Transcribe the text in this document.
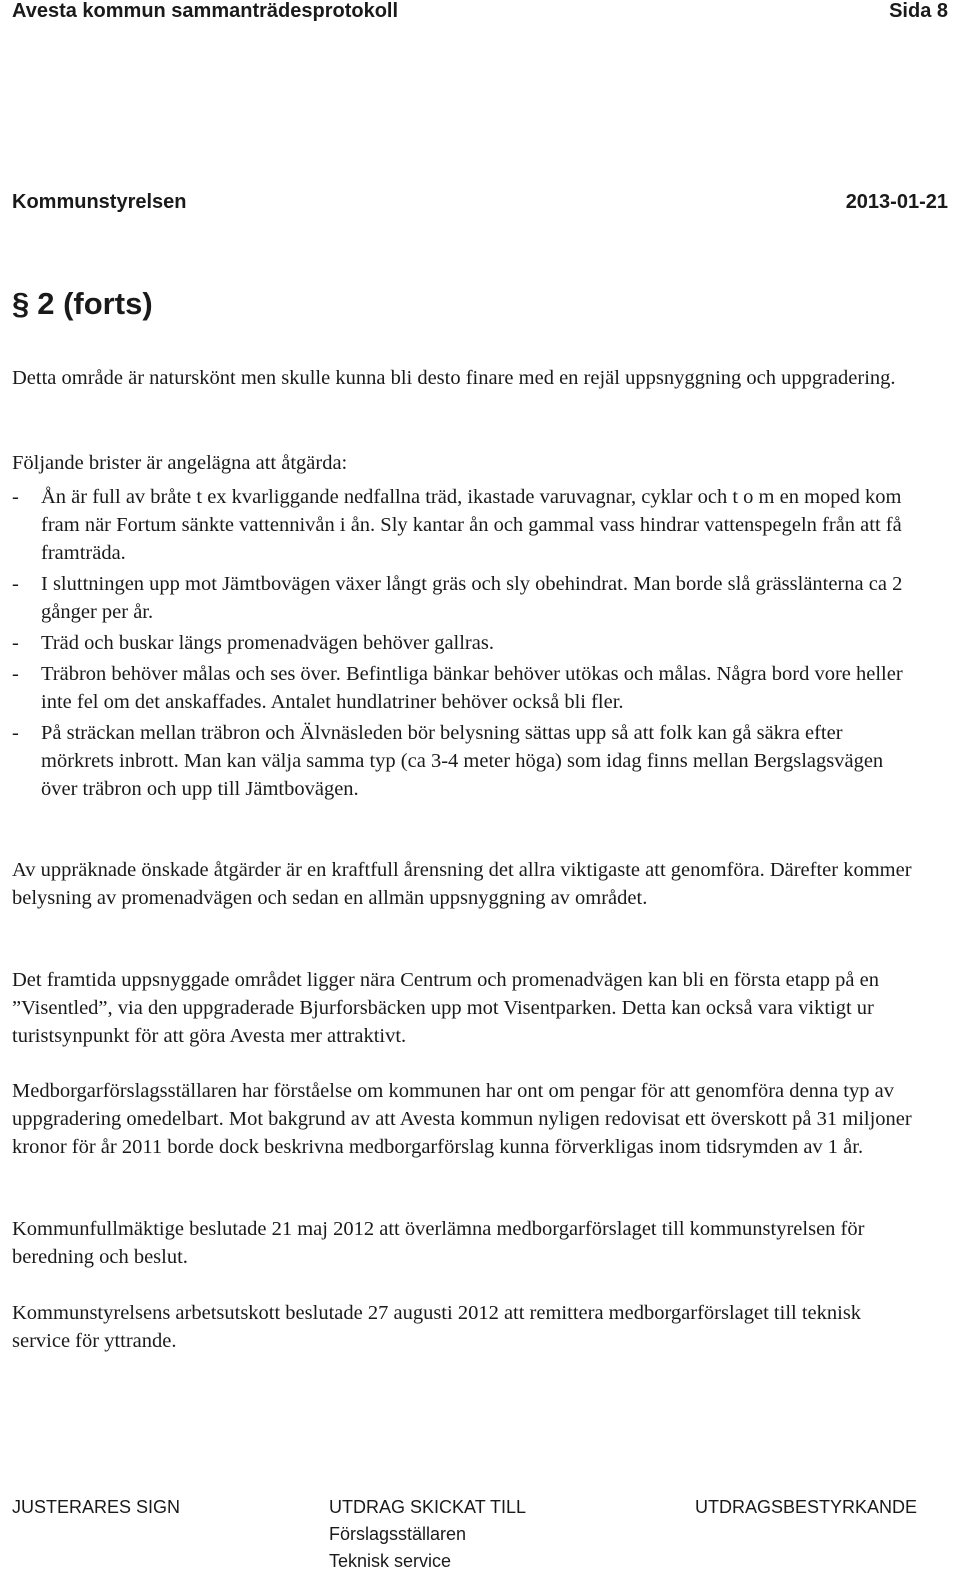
Avesta kommun sammanträdesprotokoll	Sida 8
Kommunstyrelsen	2013-01-21
§ 2 (forts)

Detta område är naturskönt men skulle kunna bli desto finare med en rejäl uppsnyggning och uppgradering.

Följande brister är angelägna att åtgärda:

-	Ån är full av bråte t ex kvarliggande nedfallna träd, ikastade varuvagnar, cyklar och t o m en moped kom fram när Fortum sänkte vattennivån i ån. Sly kantar ån och gammal vass hindrar vattenspegeln från att få framträda.
-	I sluttningen upp mot Jämtbovägen växer långt gräs och sly obehindrat. Man borde slå grässlänterna ca 2 gånger per år.
-	Träd och buskar längs promenadvägen behöver gallras.
-	Träbron behöver målas och ses över. Befintliga bänkar behöver utökas och målas. Några bord vore heller inte fel om det anskaffades. Antalet hundlatriner behöver också bli fler.
-	På sträckan mellan träbron och Älvnäsleden bör belysning sättas upp så att folk kan gå säkra efter mörkrets inbrott. Man kan välja samma typ (ca 3-4 meter höga) som idag finns mellan Bergslagsvägen över träbron och upp till Jämtbovägen.

Av uppräknade önskade åtgärder är en kraftfull årensning det allra viktigaste att genomföra. Därefter kommer belysning av promenadvägen och sedan en allmän uppsnyggning av området.

Det framtida uppsnyggade området ligger nära Centrum och promenadvägen kan bli en första etapp på en ”Visentled”, via den uppgraderade Bjurforsbäcken upp mot Visentparken. Detta kan också vara viktigt ur turistsynpunkt för att göra Avesta mer attraktivt.

Medborgarförslagsställaren har förståelse om kommunen har ont om pengar för att genomföra denna typ av uppgradering omedelbart. Mot bakgrund av att Avesta kommun nyligen redovisat ett överskott på 31 miljoner kronor för år 2011 borde dock beskrivna medborgarförslag kunna förverkligas inom tidsrymden av 1 år.

Kommunfullmäktige beslutade 21 maj 2012 att överlämna medborgarförslaget till kommunstyrelsen för beredning och beslut.

Kommunstyrelsens arbetsutskott beslutade 27 augusti 2012 att remittera medborgarförslaget till teknisk service för yttrande.

JUSTERARES SIGN	UTDRAG SKICKAT TILL
Förslagsställaren
Teknisk service
UTDRAGSBESTYRKANDE
